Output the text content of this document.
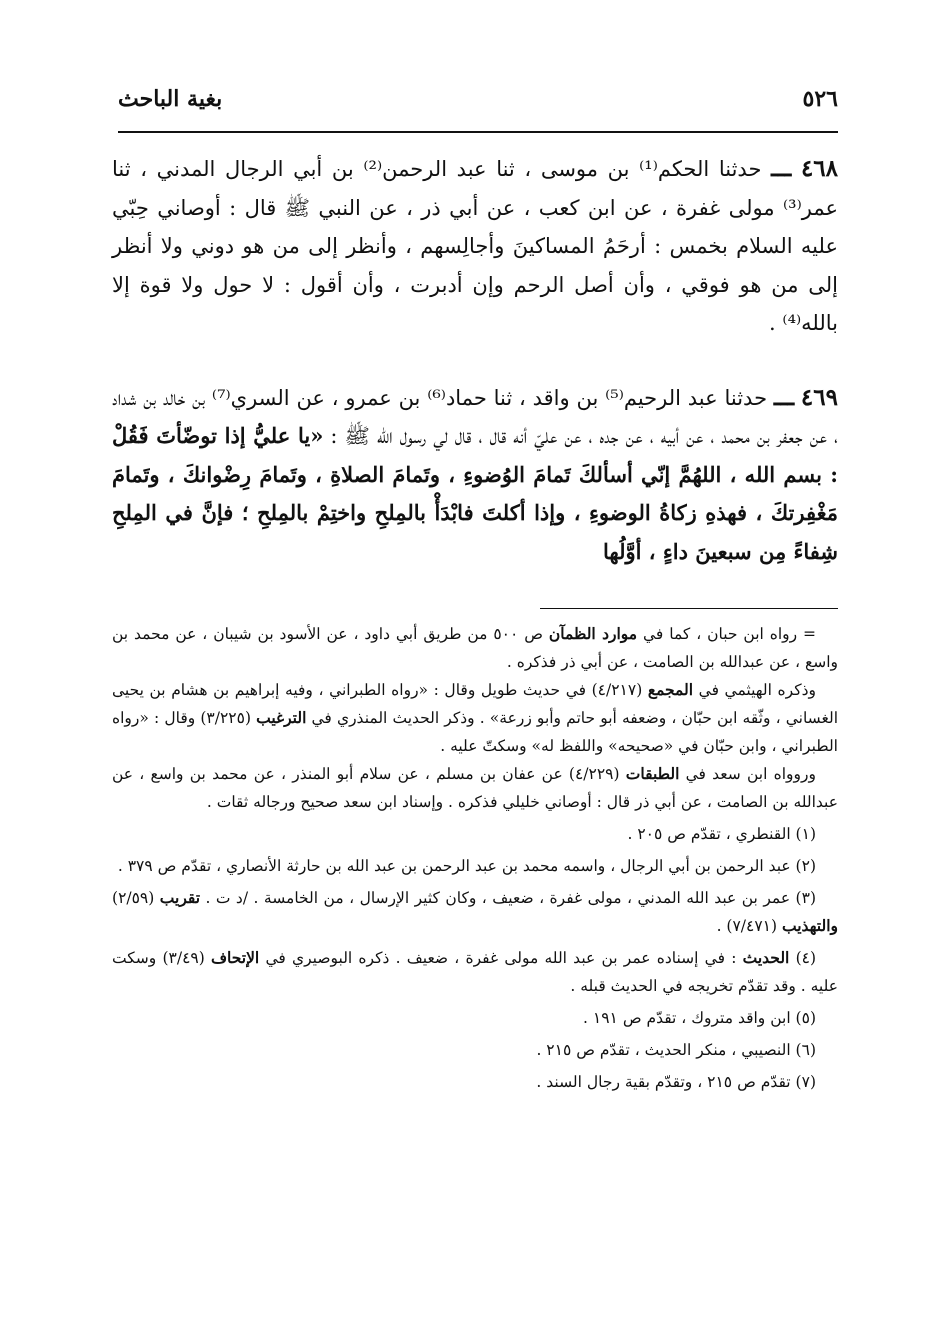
٥٢٦
بغية الباحث

٤٦٨ ـــ حدثنا الحكم⁽¹⁾ بن موسى ، ثنا عبد الرحمن⁽²⁾ بن أبي الرجال المدني ، ثنا عمر⁽³⁾ مولى غفرة ، عن ابن كعب ، عن أبي ذر ، عن النبي ﷺ قال : أوصاني حِبّي عليه السلام بخمس : أرحَمُ المساكينَ وأجالِسهم ، وأنظر إلى من هو دوني ولا أنظر إلى من هو فوقي ، وأن أصل الرحم وإن أدبرت ، وأن أقول : لا حول ولا قوة إلا بالله⁽⁴⁾ .

٤٦٩ ـــ حدثنا عبد الرحيم⁽⁵⁾ بن واقد ، ثنا حماد⁽⁶⁾ بن عمرو ، عن السري⁽⁷⁾ بن خالد بن شداد ، عن جعفر بن محمد ، عن أبيه ، عن جده ، عن عليّ أنه قال ، قال لي رسول الله ﷺ : «يا عليُّ إذا توضّأتَ فَقُلْ : بسم الله ، اللهُمَّ إنّي أسألكَ تَمامَ الوُضوءِ ، وتَمامَ الصلاةِ ، وتَمامَ رِضْوانكَ ، وتَمامَ مَغْفِرتكَ ، فهذهِ زكاةُ الوضوءِ ، وإذا أكلتَ فابْدَأْ بالمِلحِ واختِمْ بالمِلحِ ؛ فإنَّ في المِلحِ شِفاءً مِن سبعينَ داءٍ ، أوَّلُها

= رواه ابن حبان ، كما في موارد الظمآن ص ٥٠٠ من طريق أبي داود ، عن الأسود بن شيبان ، عن محمد بن واسع ، عن عبدالله بن الصامت ، عن أبي ذر فذكره .

وذكره الهيثمي في المجمع (٤/٢١٧) في حديث طويل وقال : «رواه الطبراني ، وفيه إبراهيم بن هشام بن يحيى الغساني ، وثّقه ابن حبّان ، وضعفه أبو حاتم وأبو زرعة» . وذكر الحديث المنذري في الترغيب (٣/٢٢٥) وقال : «رواه الطبراني ، وابن حبّان في «صحيحه» واللفظ له» وسكتّ عليه .

وروواه ابن سعد في الطبقات (٤/٢٢٩) عن عفان بن مسلم ، عن سلام أبو المنذر ، عن محمد بن واسع ، عن عبدالله بن الصامت ، عن أبي ذر قال : أوصاني خليلي فذكره . وإسناد ابن سعد صحيح ورجاله ثقات .

(١) القنطري ، تقدّم ص ٢٠٥ .

(٢) عبد الرحمن بن أبي الرجال ، واسمه محمد بن عبد الرحمن بن عبد الله بن حارثة الأنصاري ، تقدّم ص ٣٧٩ .

(٣) عمر بن عبد الله المدني ، مولى غفرة ، ضعيف ، وكان كثير الإرسال ، من الخامسة . /د ت . تقريب (٢/٥٩) والتهذيب (٧/٤٧١) .

(٤) الحديث : في إسناده عمر بن عبد الله مولى غفرة ، ضعيف . ذكره البوصيري في الإتحاف (٣/٤٩) وسكت عليه . وقد تقدّم تخريجه في الحديث قبله .

(٥) ابن واقد متروك ، تقدّم ص ١٩١ .

(٦) النصيبي ، منكر الحديث ، تقدّم ص ٢١٥ .

(٧) تقدّم ص ٢١٥ ، وتقدّم بقية رجال السند .
